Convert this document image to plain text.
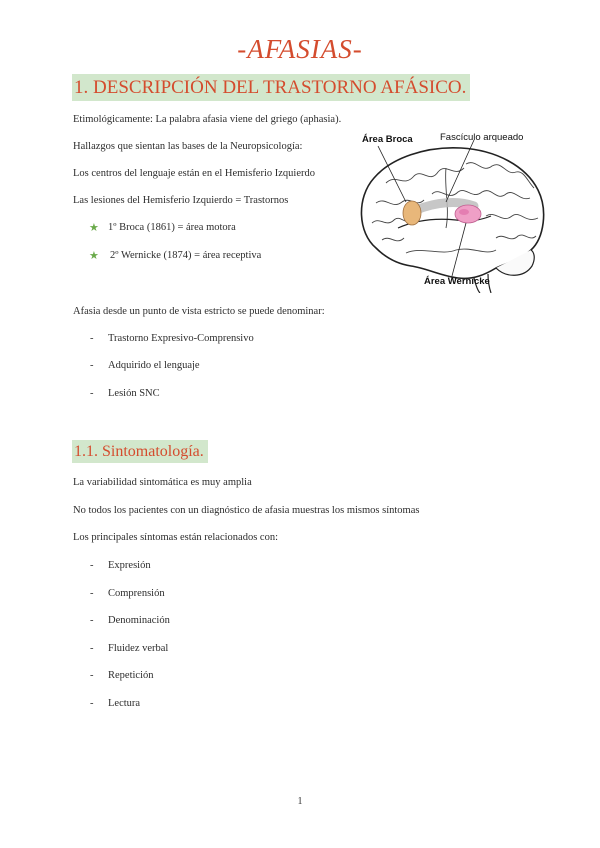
-AFASIAS-
1. DESCRIPCIÓN DEL TRASTORNO AFÁSICO.
Etimológicamente: La palabra afasia viene del griego (aphasia).
Hallazgos que sientan las bases de la Neuropsicología:
Los centros del lenguaje están en el Hemisferio Izquierdo
Las lesiones del Hemisferio Izquierdo = Trastornos
★ 1º Broca (1861) = área motora
★ 2º Wernicke (1874) = área receptiva
Afasia desde un punto de vista estricto se puede denominar:
- Trastorno Expresivo-Comprensivo
- Adquirido el lenguaje
- Lesión SNC
Área Broca	Fascículo arqueado
Área Wernicke
1.1. Sintomatología.
La variabilidad sintomática es muy amplia
No todos los pacientes con un diagnóstico de afasia muestras los mismos síntomas
Los principales síntomas están relacionados con:
- Expresión
- Comprensión
- Denominación
- Fluidez verbal
- Repetición
- Lectura
1
